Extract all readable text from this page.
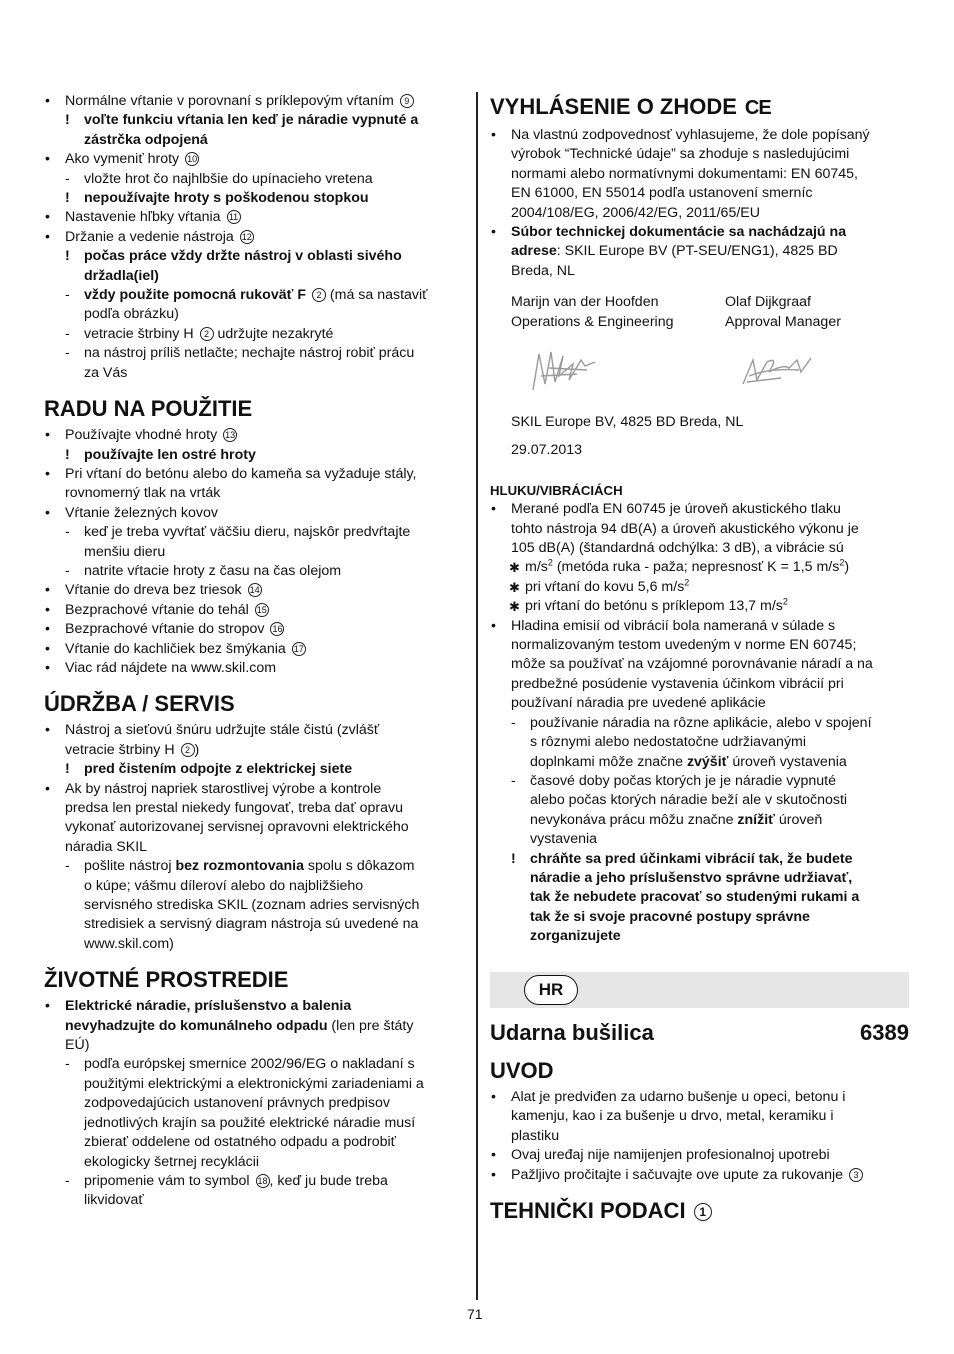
• Normálne vŕtanie v porovnaní s príklepovým vŕtaním 9
! voľte funkciu vŕtania len keď je náradie vypnuté a
zástrčka odpojená
• Ako vymeniť hroty 10
- vložte hrot čo najhlbšie do upínacieho vretena
! nepoužívajte hroty s poškodenou stopkou
• Nastavenie hľbky vŕtania 11
• Držanie a vedenie nástroja 12
! počas práce vždy držte nástroj v oblasti sivého
držadla(iel)
- vždy použite pomocná rukoväť F 2 (má sa nastaviť
podľa obrázku)
- vetracie štrbiny H 2 udržujte nezakryté
- na nástroj príliš netlačte; nechajte nástroj robiť prácu
za Vás
RADU NA POUŽITIE
• Používajte vhodné hroty 13
! používajte len ostré hroty
• Pri vŕtaní do betónu alebo do kameňa sa vyžaduje stály,
rovnomerný tlak na vrták
• Vŕtanie železných kovov
- keď je treba vyvŕtať väčšiu dieru, najskôr predvŕtajte
menšiu dieru
- natrite vŕtacie hroty z času na čas olejom
• Vŕtanie do dreva bez triesok 14
• Bezprachové vŕtanie do tehál 15
• Bezprachové vŕtanie do stropov 16
• Vŕtanie do kachličiek bez šmýkania 17
• Viac rád nájdete na www.skil.com
ÚDRŽBA / SERVIS
• Nástroj a sieťovú šnúru udržujte stále čistú (zvlášť
vetracie štrbiny H 2 )
! pred čistením odpojte z elektrickej siete
• Ak by nástroj napriek starostlivej výrobe a kontrole
predsa len prestal niekedy fungovať, treba dať opravu
vykonať autorizovanej servisnej opravovni elektrického
náradia SKIL
- pošlite nástroj bez rozmontovania spolu s dôkazom
o kúpe; vášmu díleroví alebo do najbližšieho
servisného strediska SKIL (zoznam adries servisných
stredisiek a servisný diagram nástroja sú uvedené na
www.skil.com)
ŽIVOTNÉ PROSTREDIE
• Elektrické náradie, príslušenstvo a balenia
nevyhadzujte do komunálneho odpadu (len pre štáty
EÚ)
- podľa európskej smernice 2002/96/EG o nakladaní s
použitými elektrickými a elektronickými zariadeniami a
zodpovedajúcich ustanovení právnych predpisov
jednotlivých krajín sa použité elektrické náradie musí
zbierať oddelene od ostatného odpadu a podrobiť
ekologicky šetrnej recyklácii
- pripomenie vám to symbol 18 , keď ju bude treba
likvidovať
VYHLÁSENIE O ZHODE CE
• Na vlastnú zodpovednosť vyhlasujeme, že dole popísaný
výrobok “Technické údaje” sa zhoduje s nasledujúcimi
normami alebo normatívnymi dokumentami: EN 60745,
EN 61000, EN 55014 podľa ustanovení smerníc
2004/108/EG, 2006/42/EG, 2011/65/EU
• Súbor technickej dokumentácie sa nachádzajú na
adrese: SKIL Europe BV (PT-SEU/ENG1), 4825 BD
Breda, NL
Marijn van der Hoofden	Olaf Dijkgraaf
Operations & Engineering	Approval Manager
SKIL Europe BV, 4825 BD Breda, NL
29.07.2013
HLUKU/VIBRÁCIÁCH
• Merané podľa EN 60745 je úroveň akustického tlaku
tohto nástroja 94 dB(A) a úroveň akustického výkonu je
105 dB(A) (štandardná odchýlka: 3 dB), a vibrácie sú
✱ $m/s^2$ (metóda ruka - paža; nepresnosť K = 1,5 $m/s^2$)
✱ pri vŕtaní do kovu 5,6 $m/s^2$
✱ pri vŕtaní do betónu s príklepom 13,7 $m/s^2$
• Hladina emisií od vibrácií bola nameraná v súlade s
normalizovaným testom uvedeným v norme EN 60745;
môže sa používať na vzájomné porovnávanie náradí a na
predbežné posúdenie vystavenia účinkom vibrácií pri
používaní náradia pre uvedené aplikácie
- používanie náradia na rôzne aplikácie, alebo v spojení
s rôznymi alebo nedostatočne udržiavanými
doplnkami môže značne zvýšiť úroveň vystavenia
- časové doby počas ktorých je je náradie vypnuté
alebo počas ktorých náradie beží ale v skutočnosti
nevykonáva prácu môžu značne znížiť úroveň
vystavenia
! chráňte sa pred účinkami vibrácií tak, že budete
náradie a jeho príslušenstvo správne udržiavať,
tak že nebudete pracovať so studenými rukami a
tak že si svoje pracovné postupy správne
zorganizujete
HR
Udarna bušilica	6389
UVOD
• Alat je predviđen za udarno bušenje u opeci, betonu i
kamenju, kao i za bušenje u drvo, metal, keramiku i
plastiku
• Ovaj uređaj nije namijenjen profesionalnoj upotrebi
• Pažljivo pročitajte i sačuvajte ove upute za rukovanje 3
TEHNIČKI PODACI 1
71
